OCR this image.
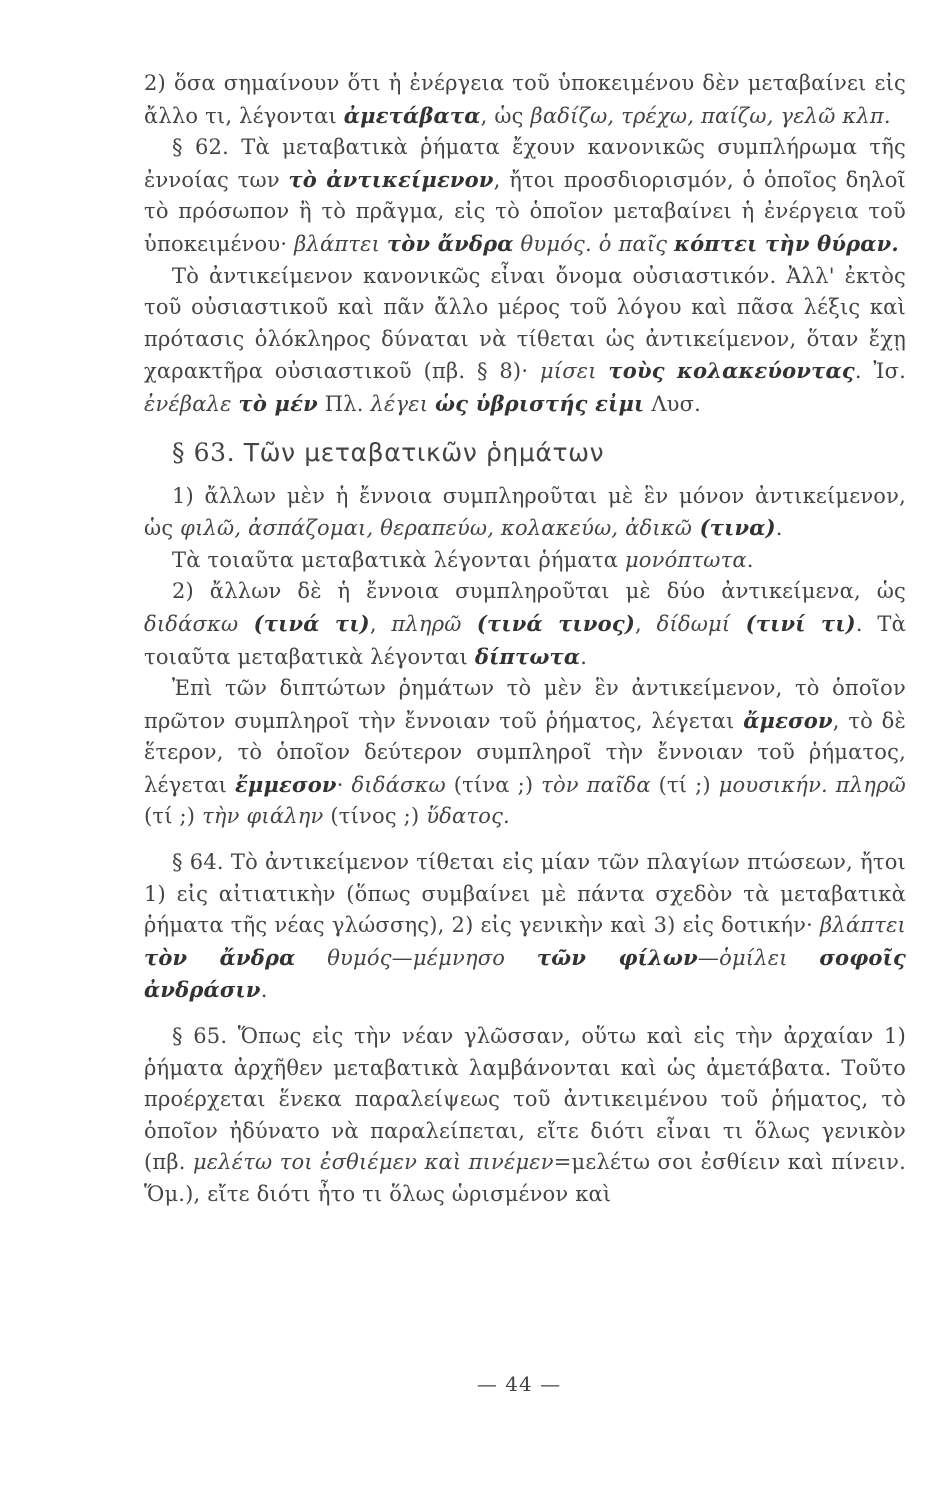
2) ὅσα σημαίνουν ὅτι ἡ ἐνέργεια τοῦ ὑποκειμένου δὲν μεταβαίνει εἰς ἄλλο τι, λέγονται ἀμετάβατα, ὡς βαδίζω, τρέχω, παίζω, γελῶ κλπ.

§ 62. Τὰ μεταβατικὰ ῥήματα ἔχουν κανονικῶς συμπλήρωμα τῆς ἐννοίας των τὸ ἀντικείμενον, ἤτοι προσδιορισμόν, ὁ ὁποῖος δηλοῖ τὸ πρόσωπον ἢ τὸ πρᾶγμα, εἰς τὸ ὁποῖον μεταβαίνει ἡ ἐνέργεια τοῦ ὑποκειμένου· βλάπτει τὸν ἄνδρα θυμός. ὁ παῖς κόπτει τὴν θύραν.

Τὸ ἀντικείμενον κανονικῶς εἶναι ὄνομα οὐσιαστικόν. Ἀλλ' ἐκτὸς τοῦ οὐσιαστικοῦ καὶ πᾶν ἄλλο μέρος τοῦ λόγου καὶ πᾶσα λέξις καὶ πρότασις ὁλόκληρος δύναται νὰ τίθεται ὡς ἀντικείμενον, ὅταν ἔχῃ χαρακτῆρα οὐσιαστικοῦ (πβ. § 8)· μίσει τοὺς κολακεύοντας. Ἰσ. ἐνέβαλε τὸ μέν Πλ. λέγει ὡς ὑβριστής εἰμι Λυσ.

§ 63. Τῶν μεταβατικῶν ῥημάτων

1) ἄλλων μὲν ἡ ἔννοια συμπληροῦται μὲ ἓν μόνον ἀντικείμενον, ὡς φιλῶ, ἀσπάζομαι, θεραπεύω, κολακεύω, ἀδικῶ (τινα).

Τὰ τοιαῦτα μεταβατικὰ λέγονται ῥήματα μονόπτωτα.

2) ἄλλων δὲ ἡ ἔννοια συμπληροῦται μὲ δύο ἀντικείμενα, ὡς διδάσκω (τινά τι), πληρῶ (τινά τινος), δίδωμί (τινί τι). Τὰ τοιαῦτα μεταβατικὰ λέγονται δίπτωτα.

Ἐπὶ τῶν διπτώτων ῥημάτων τὸ μὲν ἓν ἀντικείμενον, τὸ ὁποῖον πρῶτον συμπληροῖ τὴν ἔννοιαν τοῦ ῥήματος, λέγεται ἄμεσον, τὸ δὲ ἕτερον, τὸ ὁποῖον δεύτερον συμπληροῖ τὴν ἔννοιαν τοῦ ῥήματος, λέγεται ἔμμεσον· διδάσκω (τίνα ;) τὸν παῖδα (τί ;) μουσικήν. πληρῶ (τί ;) τὴν φιάλην (τίνος ;) ὕδατος.

§ 64. Τὸ ἀντικείμενον τίθεται εἰς μίαν τῶν πλαγίων πτώσεων, ἤτοι 1) εἰς αἰτιατικὴν (ὅπως συμβαίνει μὲ πάντα σχεδὸν τὰ μεταβατικὰ ῥήματα τῆς νέας γλώσσης), 2) εἰς γενικὴν καὶ 3) εἰς δοτικήν· βλάπτει τὸν ἄνδρα θυμός—μέμνησο τῶν φίλων—ὁμίλει σοφοῖς ἀνδράσιν.

§ 65. Ὅπως εἰς τὴν νέαν γλῶσσαν, οὕτω καὶ εἰς τὴν ἀρχαίαν 1) ῥήματα ἀρχῆθεν μεταβατικὰ λαμβάνονται καὶ ὡς ἀμετάβατα. Τοῦτο προέρχεται ἕνεκα παραλείψεως τοῦ ἀντικειμένου τοῦ ῥήματος, τὸ ὁποῖον ἠδύνατο νὰ παραλείπεται, εἴτε διότι εἶναι τι ὅλως γενικὸν (πβ. μελέτω τοι ἐσθιέμεν καὶ πινέμεν=μελέτω σοι ἐσθίειν καὶ πίνειν. Ὅμ.), εἴτε διότι ἦτο τι ὅλως ὡρισμένον καὶ

— 44 —
